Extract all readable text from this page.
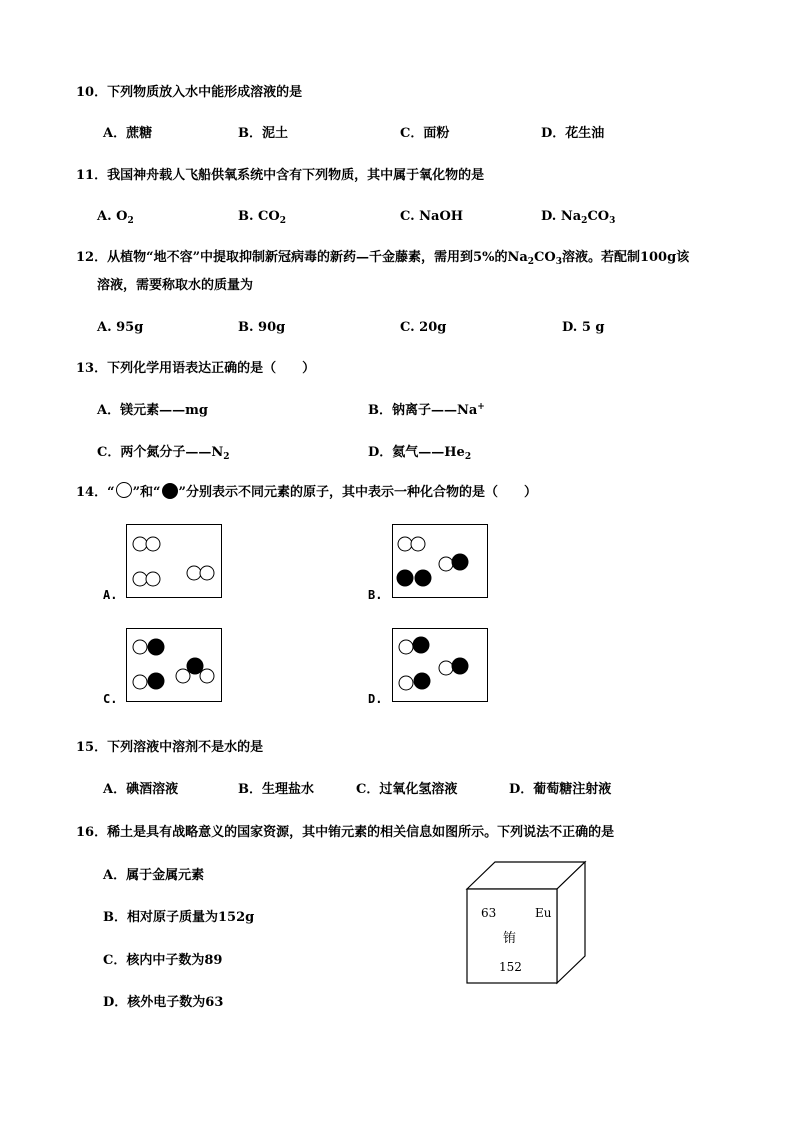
10．下列物质放入水中能形成溶液的是
A．蔗糖	B．泥土	C．面粉	D．花生油
11．我国神舟载人飞船供氧系统中含有下列物质，其中属于氧化物的是
A. $O_2$	B. $CO_2$	C. NaOH	D. $Na_2CO_3$
12．从植物“地不容”中提取抑制新冠病毒的新药—千金藤素，需用到5%的$Na_2CO_3$溶液。若配制100g该
溶液，需要称取水的质量为
A. 95g	B. 90g	C. 20g	D. 5 g
13．下列化学用语表达正确的是（　　）
A．镁元素——mg	B．钠离子——Na+
C．两个氮分子$——N_2$	D．氦气$——He_2$
14．“ ”和“ ”分别表示不同元素的原子，其中表示一种化合物的是（　　）
A.	B.
C.	D.
15．下列溶液中溶剂不是水的是
A．碘酒溶液	B．生理盐水	C．过氧化氢溶液	D．葡萄糖注射液
16．稀土是具有战略意义的国家资源，其中铕元素的相关信息如图所示。下列说法不正确的是
A．属于金属元素
B．相对原子质量为152g
C．核内中子数为89
D．核外电子数为63
63	Eu
铕
152
